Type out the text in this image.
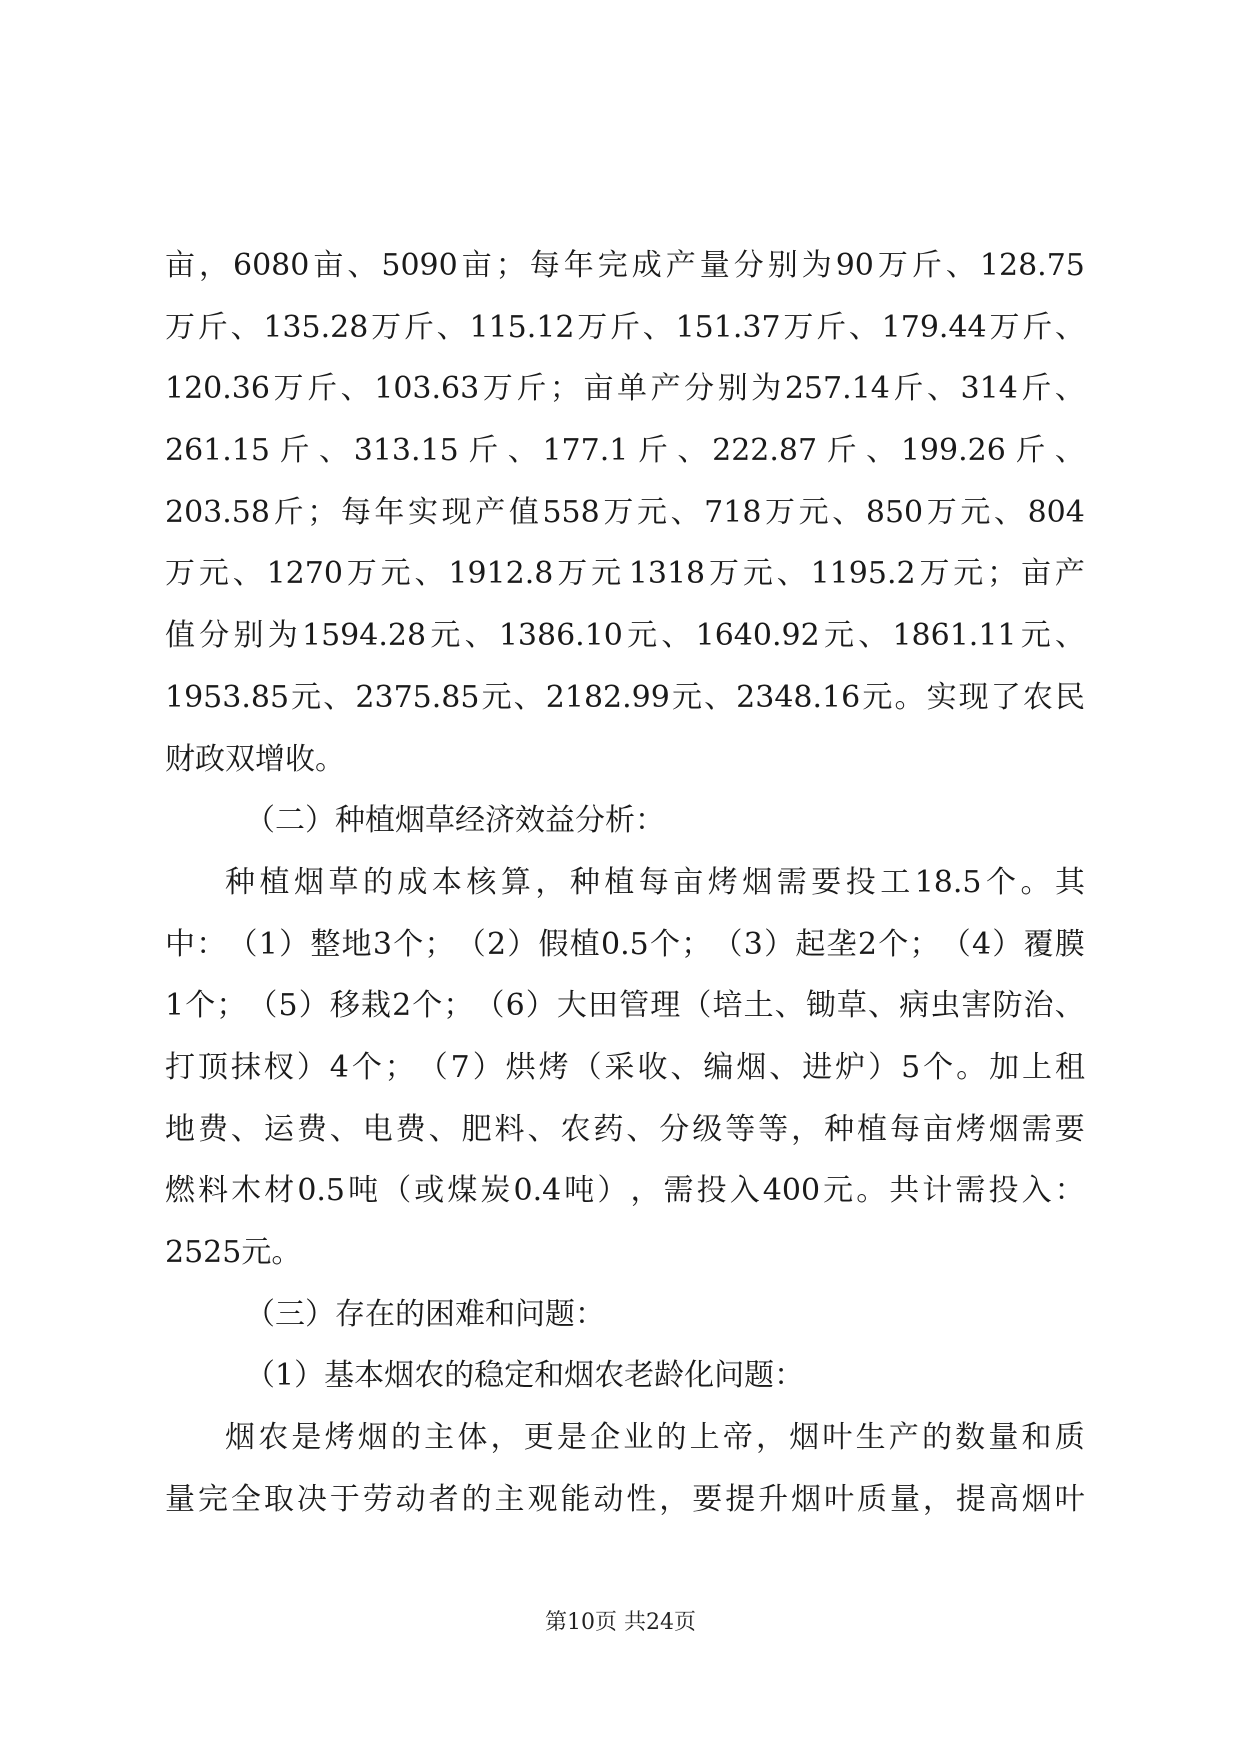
亩 ， 6080 亩 、 5090 亩 ； 每 年 完 成 产 量 分 别 为 90 万 斤 、 128.75
万 斤 、 135.28 万 斤 、 115.12 万 斤 、 151.37 万 斤 、 179.44 万 斤 、
120.36 万 斤 、 103.63 万 斤 ； 亩 单 产 分 别 为 257.14 斤 、 314 斤 、
261.15 斤 、 313.15 斤 、 177.1 斤 、 222.87 斤 、 199.26 斤 、
203.58 斤 ； 每 年 实 现 产 值 558 万 元 、 718 万 元 、 850 万 元 、 804
万 元 、 1270 万 元 、 1912.8 万 元 1318 万 元 、 1195.2 万 元 ； 亩 产
值 分 别 为 1594.28 元 、 1386.10 元 、 1640.92 元 、 1861.11 元 、
1953.85 元 、 2375.85 元 、 2182.99 元 、 2348.16 元 。 实 现 了 农 民
财政双增收。
（二）种植烟草经济效益分析：
种 植 烟 草 的 成 本 核 算 ， 种 植 每 亩 烤 烟 需 要 投 工 18.5 个 。 其
中 ： （ 1 ） 整 地 3 个 ； （ 2 ） 假 植 0.5 个 ； （ 3 ） 起 垄 2 个 ； （ 4 ） 覆 膜
1 个 ； （ 5 ） 移 栽 2 个 ； （ 6 ） 大 田 管 理 （ 培 土 、 锄 草 、 病 虫 害 防 治 、
打 顶 抹 杈 ） 4 个 ； （ 7 ） 烘 烤 （ 采 收 、 编 烟 、 进 炉 ） 5 个 。 加 上 租
地 费 、 运 费 、 电 费 、 肥 料 、 农 药 、 分 级 等 等 ， 种 植 每 亩 烤 烟 需 要
燃 料 木 材 0.5 吨 （ 或 煤 炭 0.4 吨 ） ， 需 投 入 400 元 。 共 计 需 投 入 ：
2525元。
（三）存在的困难和问题：
（1）基本烟农的稳定和烟农老龄化问题：
烟 农 是 烤 烟 的 主 体 ， 更 是 企 业 的 上 帝 ， 烟 叶 生 产 的 数 量 和 质
量 完 全 取 决 于 劳 动 者 的 主 观 能 动 性 ， 要 提 升 烟 叶 质 量 ， 提 高 烟 叶
第10页 共24页
